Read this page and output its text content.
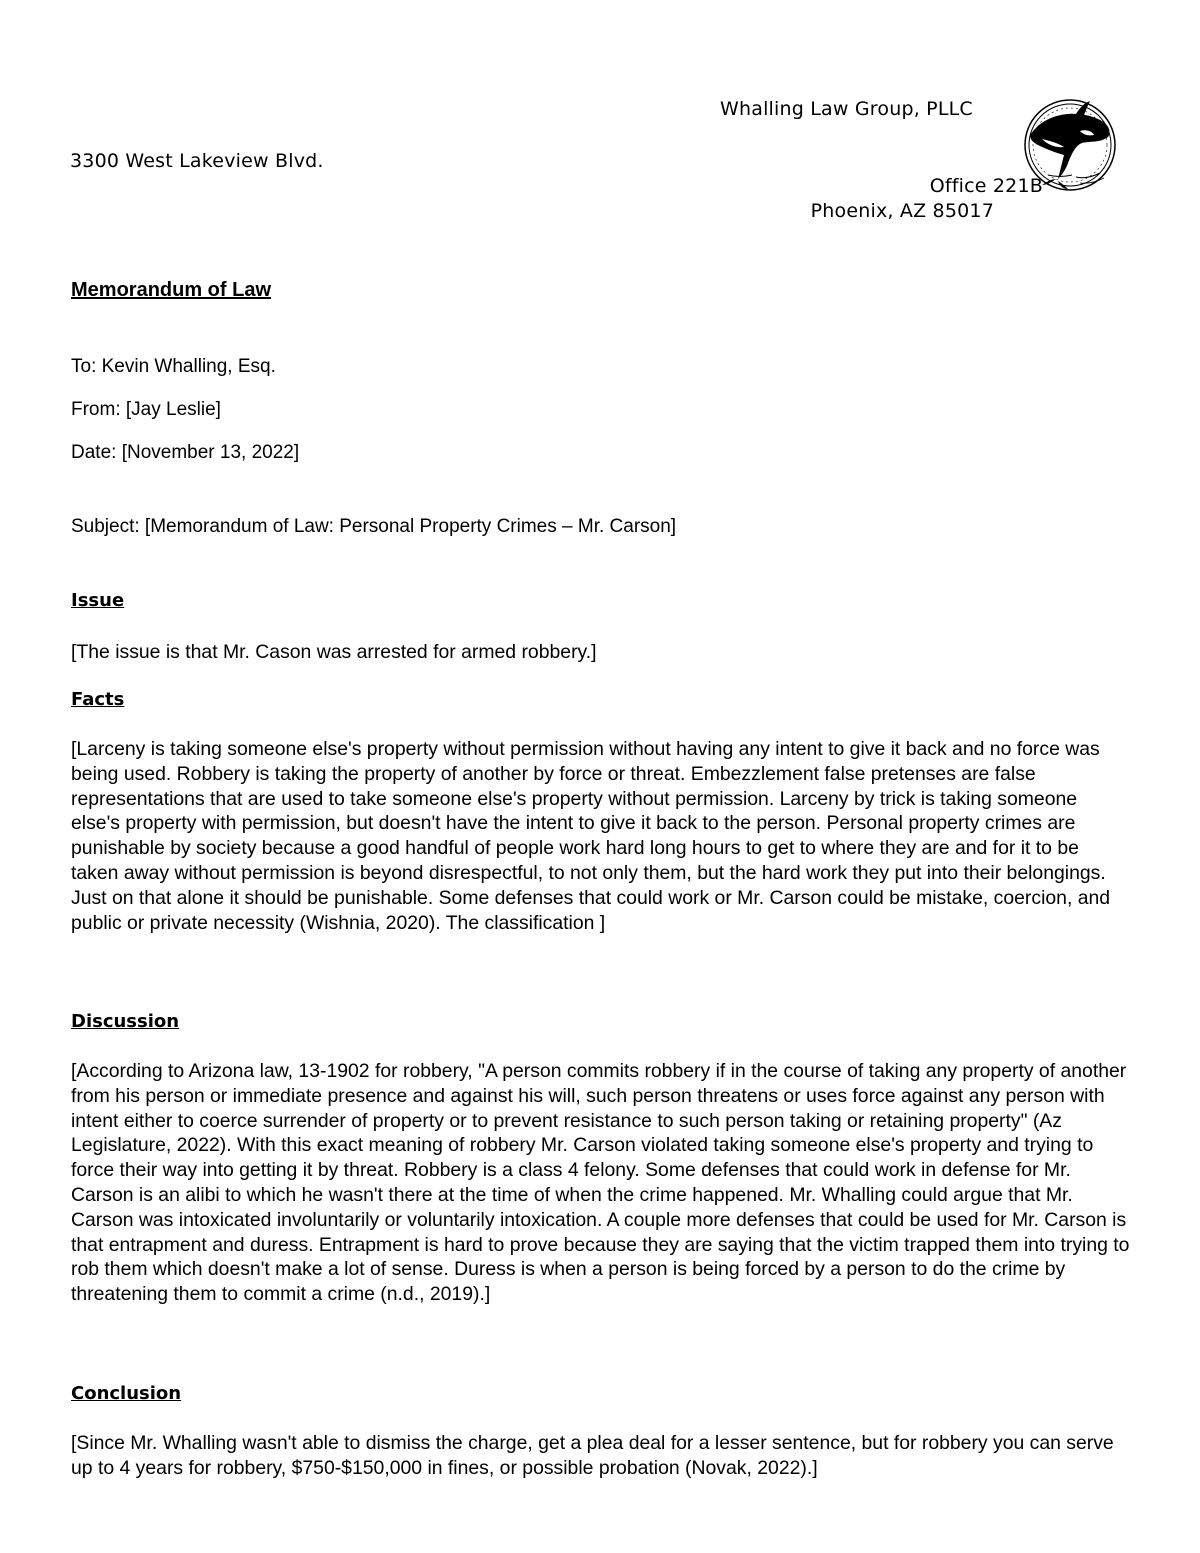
Whalling Law Group, PLLC
3300 West Lakeview Blvd.
Office 221B
Phoenix, AZ 85017
Memorandum of Law
To: Kevin Whalling, Esq.
From: [Jay Leslie]
Date: [November 13, 2022]
Subject: [Memorandum of Law: Personal Property Crimes – Mr. Carson]
Issue
[The issue is that Mr. Cason was arrested for armed robbery.]
Facts
[Larceny is taking someone else's property without permission without having any intent to give it back and no force was being used. Robbery is taking the property of another by force or threat. Embezzlement false pretenses are false representations that are used to take someone else's property without permission. Larceny by trick is taking someone else's property with permission, but doesn't have the intent to give it back to the person. Personal property crimes are punishable by society because a good handful of people work hard long hours to get to where they are and for it to be taken away without permission is beyond disrespectful, to not only them, but the hard work they put into their belongings. Just on that alone it should be punishable. Some defenses that could work or Mr. Carson could be mistake, coercion, and public or private necessity (Wishnia, 2020). The classification ]
Discussion
[According to Arizona law, 13-1902 for robbery, "A person commits robbery if in the course of taking any property of another from his person or immediate presence and against his will, such person threatens or uses force against any person with intent either to coerce surrender of property or to prevent resistance to such person taking or retaining property" (Az Legislature, 2022). With this exact meaning of robbery Mr. Carson violated taking someone else's property and trying to force their way into getting it by threat. Robbery is a class 4 felony. Some defenses that could work in defense for Mr. Carson is an alibi to which he wasn't there at the time of when the crime happened. Mr. Whalling could argue that Mr. Carson was intoxicated involuntarily or voluntarily intoxication. A couple more defenses that could be used for Mr. Carson is that entrapment and duress. Entrapment is hard to prove because they are saying that the victim trapped them into trying to rob them which doesn't make a lot of sense. Duress is when a person is being forced by a person to do the crime by threatening them to commit a crime (n.d., 2019).]
Conclusion
[Since Mr. Whalling wasn't able to dismiss the charge, get a plea deal for a lesser sentence, but for robbery you can serve up to 4 years for robbery, $750-$150,000 in fines, or possible probation (Novak, 2022).]
